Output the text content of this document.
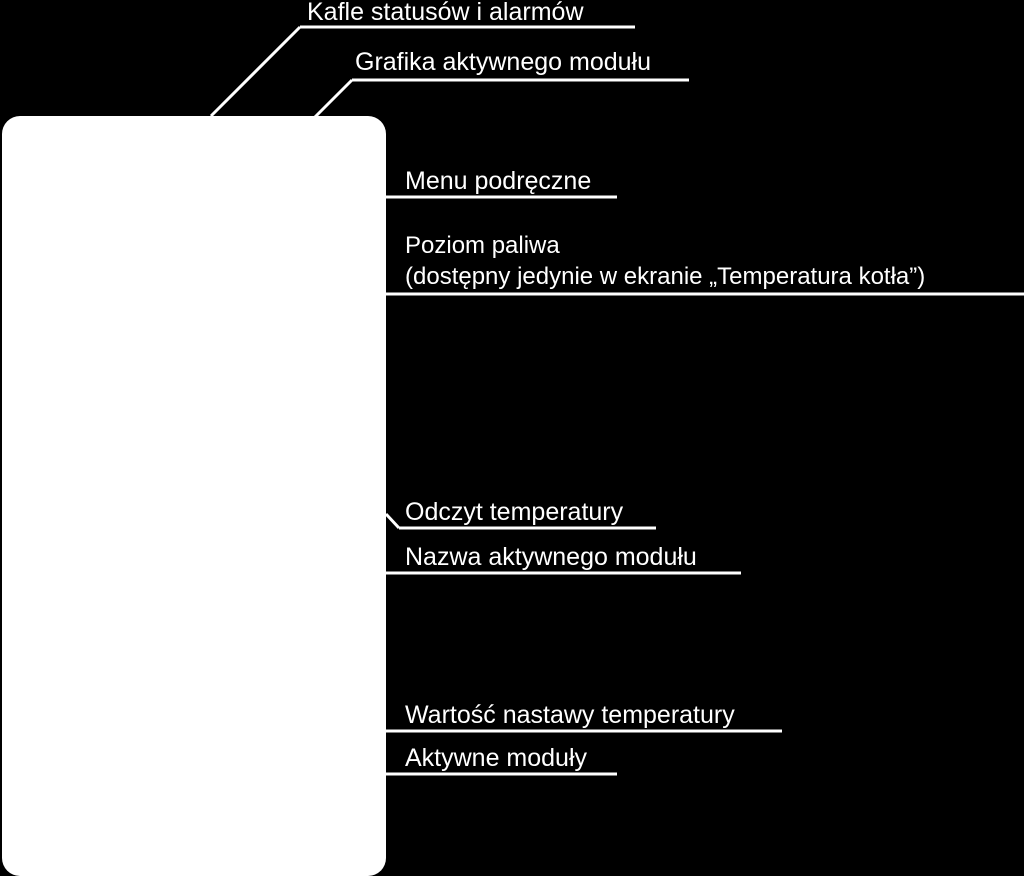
Kafle statusów i alarmów
Grafika aktywnego modułu
Menu podręczne
Poziom paliwa
(dostępny jedynie w ekranie „Temperatura kotła”)
Odczyt temperatury
Nazwa aktywnego modułu
Wartość nastawy temperatury
Aktywne moduły
